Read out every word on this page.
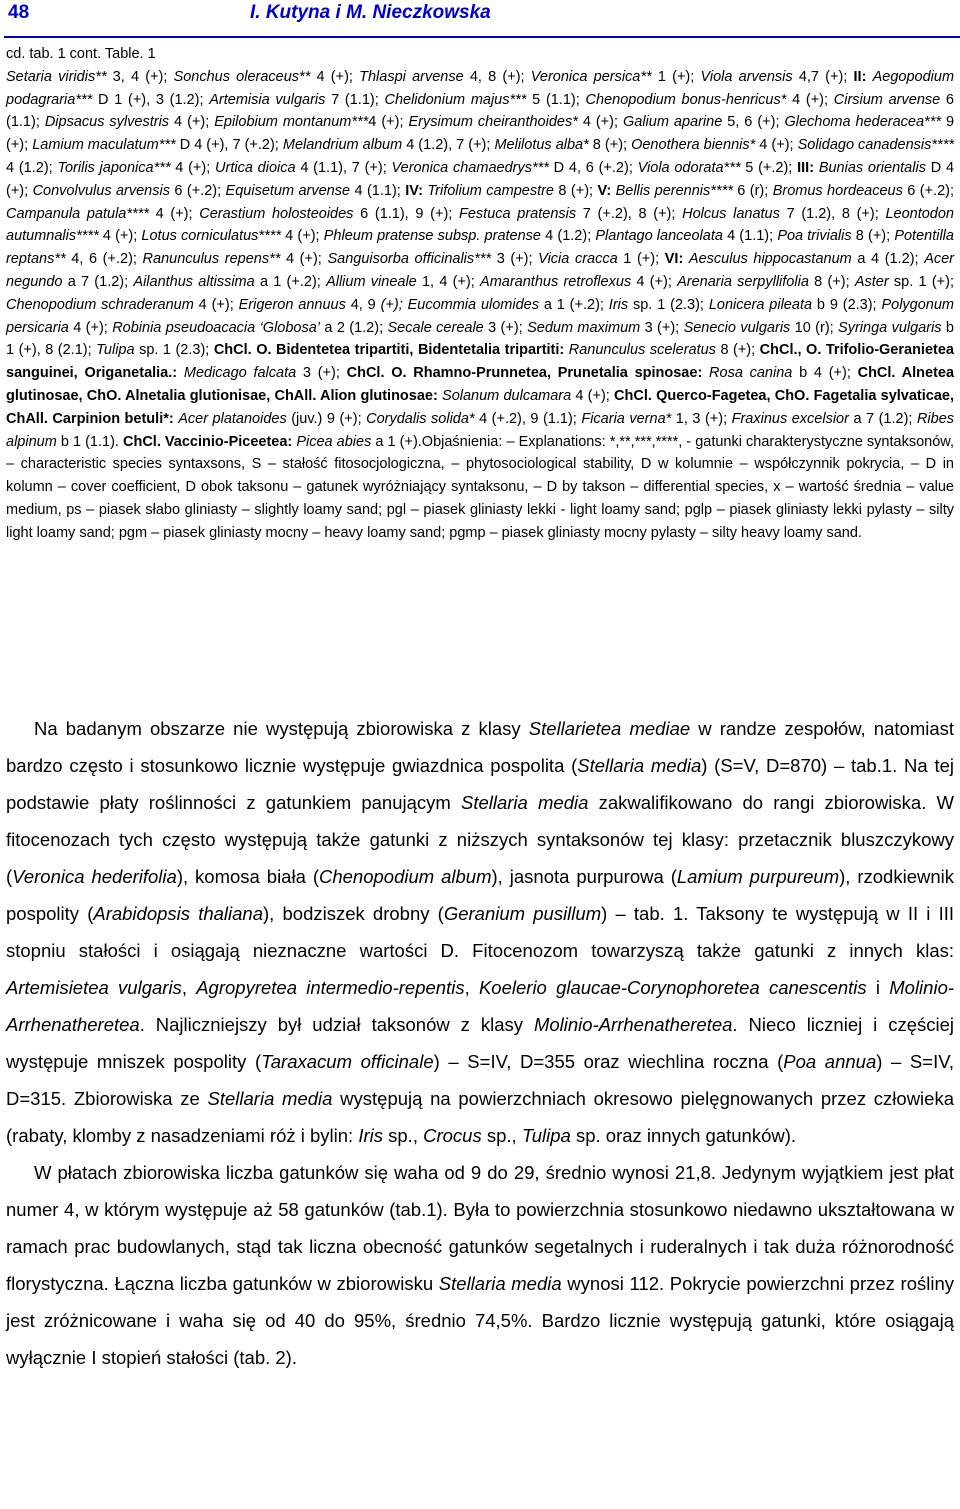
48	I. Kutyna i M. Nieczkowska
cd. tab. 1 cont. Table. 1
Setaria viridis** 3, 4 (+); Sonchus oleraceus** 4 (+); Thlaspi arvense 4, 8 (+); Veronica persica** 1 (+); Viola arvensis 4,7 (+); II: Aegopodium podagraria*** D 1 (+), 3 (1.2); Artemisia vulgaris 7 (1.1); Chelidonium majus*** 5 (1.1); Chenopodium bonus-henricus* 4 (+); Cirsium arvense 6 (1.1); Dipsacus sylvestris 4 (+); Epilobium montanum***4 (+); Erysimum cheiranthoides* 4 (+); Galium aparine 5, 6 (+); Glechoma hederacea*** 9 (+); Lamium maculatum*** D 4 (+), 7 (+.2); Melandrium album 4 (1.2), 7 (+); Melilotus alba* 8 (+); Oenothera biennis* 4 (+); Solidago canadensis**** 4 (1.2); Torilis japonica*** 4 (+); Urtica dioica 4 (1.1), 7 (+); Veronica chamaedrys*** D 4, 6 (+.2); Viola odorata*** 5 (+.2); III: Bunias orientalis D 4 (+); Convolvulus arvensis 6 (+.2); Equisetum arvense 4 (1.1); IV: Trifolium campestre 8 (+); V: Bellis perennis**** 6 (r); Bromus hordeaceus 6 (+.2); Campanula patula**** 4 (+); Cerastium holosteoides 6 (1.1), 9 (+); Festuca pratensis 7 (+.2), 8 (+); Holcus lanatus 7 (1.2), 8 (+); Leontodon autumnalis**** 4 (+); Lotus corniculatus**** 4 (+); Phleum pratense subsp. pratense 4 (1.2); Plantago lanceolata 4 (1.1); Poa trivialis 8 (+); Potentilla reptans** 4, 6 (+.2); Ranunculus repens** 4 (+); Sanguisorba officinalis*** 3 (+); Vicia cracca 1 (+); VI: Aesculus hippocastanum a 4 (1.2); Acer negundo a 7 (1.2); Ailanthus altissima a 1 (+.2); Allium vineale 1, 4 (+); Amaranthus retroflexus 4 (+); Arenaria serpyllifolia 8 (+); Aster sp. 1 (+); Chenopodium schraderanum 4 (+); Erigeron annuus 4, 9 (+); Eucommia ulomides a 1 (+.2); Iris sp. 1 (2.3); Lonicera pileata b 9 (2.3); Polygonum persicaria 4 (+); Robinia pseudoacacia ‘Globosa’ a 2 (1.2); Secale cereale 3 (+); Sedum maximum 3 (+); Senecio vulgaris 10 (r); Syringa vulgaris b 1 (+), 8 (2.1); Tulipa sp. 1 (2.3); ChCl. O. Bidentetea tripartiti, Bidentetalia tripartiti: Ranunculus sceleratus 8 (+); ChCl., O. Trifolio-Geranietea sanguinei, Origanetalia.: Medicago falcata 3 (+); ChCl. O. Rhamno-Prunnetea, Prunetalia spinosae: Rosa canina b 4 (+); ChCl. Alnetea glutinosae, ChO. Alnetalia glutionisae, ChAll. Alion glutinosae: Solanum dulcamara 4 (+); ChCl. Querco-Fagetea, ChO. Fagetalia sylvaticae, ChAll. Carpinion betuli*: Acer platanoides (juv.) 9 (+); Corydalis solida* 4 (+.2), 9 (1.1); Ficaria verna* 1, 3 (+); Fraxinus excelsior a 7 (1.2); Ribes alpinum b 1 (1.1). ChCl. Vaccinio-Piceetea: Picea abies a 1 (+).Objaśnienia: – Explanations: *,**,***,****, - gatunki charakterystyczne syntaksonów, – characteristic species syntaxsons, S – stałość fitosocjologiczna, – phytosociological stability, D w kolumnie – współczynnik pokrycia, – D in kolumn – cover coefficient, D obok taksonu – gatunek wyróżniający syntaksonu, – D by takson – differential species, x – wartość średnia – value medium, ps – piasek słabo gliniasty – slightly loamy sand; pgl – piasek gliniasty lekki - light loamy sand; pglp – piasek gliniasty lekki pylasty – silty light loamy sand; pgm – piasek gliniasty mocny – heavy loamy sand; pgmp – piasek gliniasty mocny pylasty – silty heavy loamy sand.

Na badanym obszarze nie występują zbiorowiska z klasy Stellarietea mediae w randze zespołów, natomiast bardzo często i stosunkowo licznie występuje gwiazdnica pospolita (Stellaria media) (S=V, D=870) – tab.1. Na tej podstawie płaty roślinności z gatunkiem panującym Stellaria media zakwalifikowano do rangi zbiorowiska. W fitocenozach tych często występują także gatunki z niższych syntaksonów tej klasy: przetacznik bluszczykowy (Veronica hederifolia), komosa biała (Chenopodium album), jasnota purpurowa (Lamium purpureum), rzodkiewnik pospolity (Arabidopsis thaliana), bodziszek drobny (Geranium pusillum) – tab. 1. Taksony te występują w II i III stopniu stałości i osiągają nieznaczne wartości D. Fitocenozom towarzyszą także gatunki z innych klas: Artemisietea vulgaris, Agropyretea intermedio-repentis, Koelerio glaucae-Corynophoretea canescentis i Molinio-Arrhenatheretea. Najliczniejszy był udział taksonów z klasy Molinio-Arrhenatheretea. Nieco liczniej i częściej występuje mniszek pospolity (Taraxacum officinale) – S=IV, D=355 oraz wiechlina roczna (Poa annua) – S=IV, D=315. Zbiorowiska ze Stellaria media występują na powierzchniach okresowo pielęgnowanych przez człowieka (rabaty, klomby z nasadzeniami róż i bylin: Iris sp., Crocus sp., Tulipa sp. oraz innych gatunków).

W płatach zbiorowiska liczba gatunków się waha od 9 do 29, średnio wynosi 21,8. Jedynym wyjątkiem jest płat numer 4, w którym występuje aż 58 gatunków (tab.1). Była to powierzchnia stosunkowo niedawno ukształtowana w ramach prac budowlanych, stąd tak liczna obecność gatunków segetalnych i ruderalnych i tak duża różnorodność florystyczna. Łączna liczba gatunków w zbiorowisku Stellaria media wynosi 112. Pokrycie powierzchni przez rośliny jest zróżnicowane i waha się od 40 do 95%, średnio 74,5%. Bardzo licznie występują gatunki, które osiągają wyłącznie I stopień stałości (tab. 2).
